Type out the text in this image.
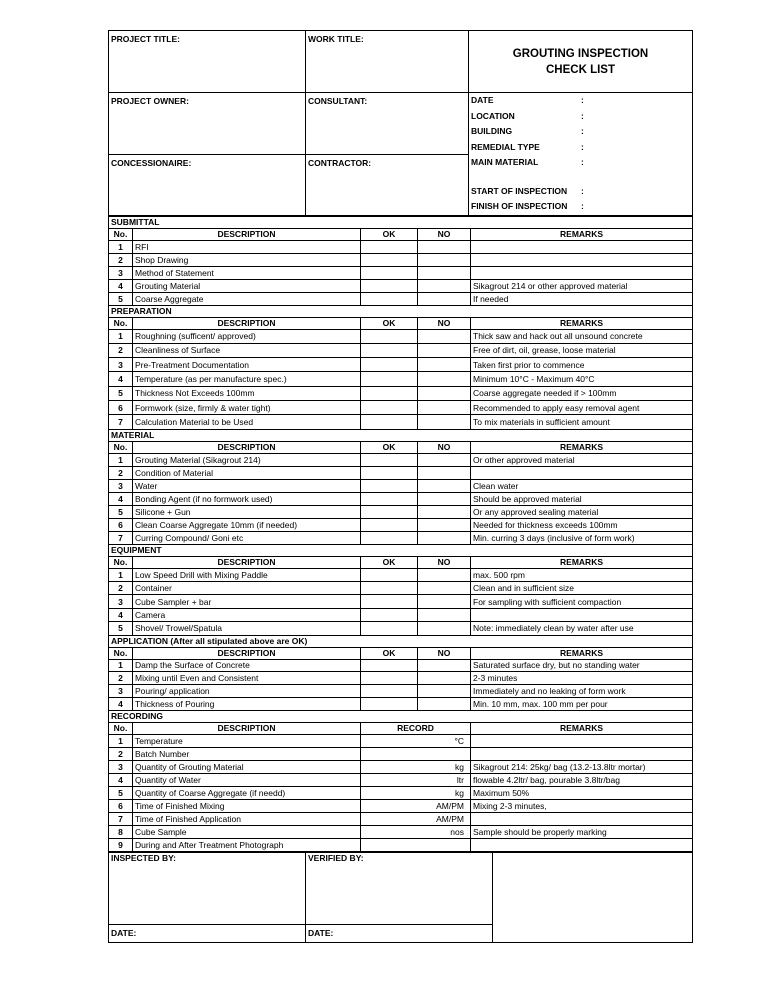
PROJECT TITLE:	WORK TITLE:	
GROUTING INSPECTION
CHECK LIST

PROJECT OWNER:	CONSULTANT:		DATE	:
LOCATION	:
BUILDING	:
REMEDIAL TYPE	:
MAIN MATERIAL	:
START OF INSPECTION	:
FINISH OF INSPECTION	:

CONCESSIONAIRE:	CONTRACTOR:
SUBMITTAL				
No.	DESCRIPTION	OK	NO	REMARKS
1	RFI			
2	Shop Drawing			
3	Method of Statement			
4	Grouting Material			Sikagrout 214 or other approved material
5	Coarse Aggregate			If needed
PREPARATION				
No.	DESCRIPTION	OK	NO	REMARKS
1	Roughning (sufficent/ approved)			Thick saw and hack out all unsound concrete
2	Cleanliness of Surface			Free of dirt, oil, grease, loose material
3	Pre-Treatment Documentation			Taken first prior to commence
4	Temperature (as per manufacture spec.)			Minimum 10°C - Maximum 40°C
5	Thickness Not Exceeds 100mm			Coarse aggregate needed if > 100mm
6	Formwork (size, firmly & water tight)			Recommended to apply easy removal agent
7	Calculation Material to be Used			To mix materials in sufficient amount
MATERIAL				
No.	DESCRIPTION	OK	NO	REMARKS
1	Grouting Material (Sikagrout 214)			Or other approved material
2	Condition of Material			
3	Water			Clean water
4	Bonding Agent (if no formwork used)			Should be approved material
5	Silicone + Gun			Or any approved sealing material
6	Clean Coarse Aggregate 10mm (if needed)			Needed for thickness exceeds 100mm
7	Curring Compound/ Goni etc			Min. curring 3 days (inclusive of form work)
EQUIPMENT				
No.	DESCRIPTION	OK	NO	REMARKS
1	Low Speed Drill with Mixing Paddle			max. 500 rpm
2	Container			Clean and in sufficient size
3	Cube Sampler + bar			For sampling with sufficient compaction
4	Camera			
5	Shovel/ Trowel/Spatula			Note: immediately clean by water after use
APPLICATION (After all stipulated above are OK)				
No.	DESCRIPTION	OK	NO	REMARKS
1	Damp the Surface of Concrete			Saturated surface dry, but no standing water
2	Mixing until Even and Consistent			2-3 minutes
3	Pouring/ application			Immediately and no leaking of form work
4	Thickness of Pouring			Min. 10 mm, max. 100 mm per pour
RECORDING				
No.	DESCRIPTION	RECORD		REMARKS
1	Temperature	°C		
2	Batch Number			
3	Quantity of Grouting Material	kg		Sikagrout 214: 25kg/ bag (13.2-13.8ltr mortar)
4	Quantity of Water	ltr		flowable 4.2ltr/ bag, pourable 3.8ltr/bag
5	Quantity of Coarse Aggregate (if needd)	kg		Maximum 50%
6	Time of Finished Mixing	AM/PM		Mixing 2-3 minutes,
7	Time of Finished Application	AM/PM		
8	Cube Sample	nos		Sample should be properly marking
9	During and After Treatment Photograph			
INSPECTED BY:	VERIFIED BY:	
DATE:	DATE:	
